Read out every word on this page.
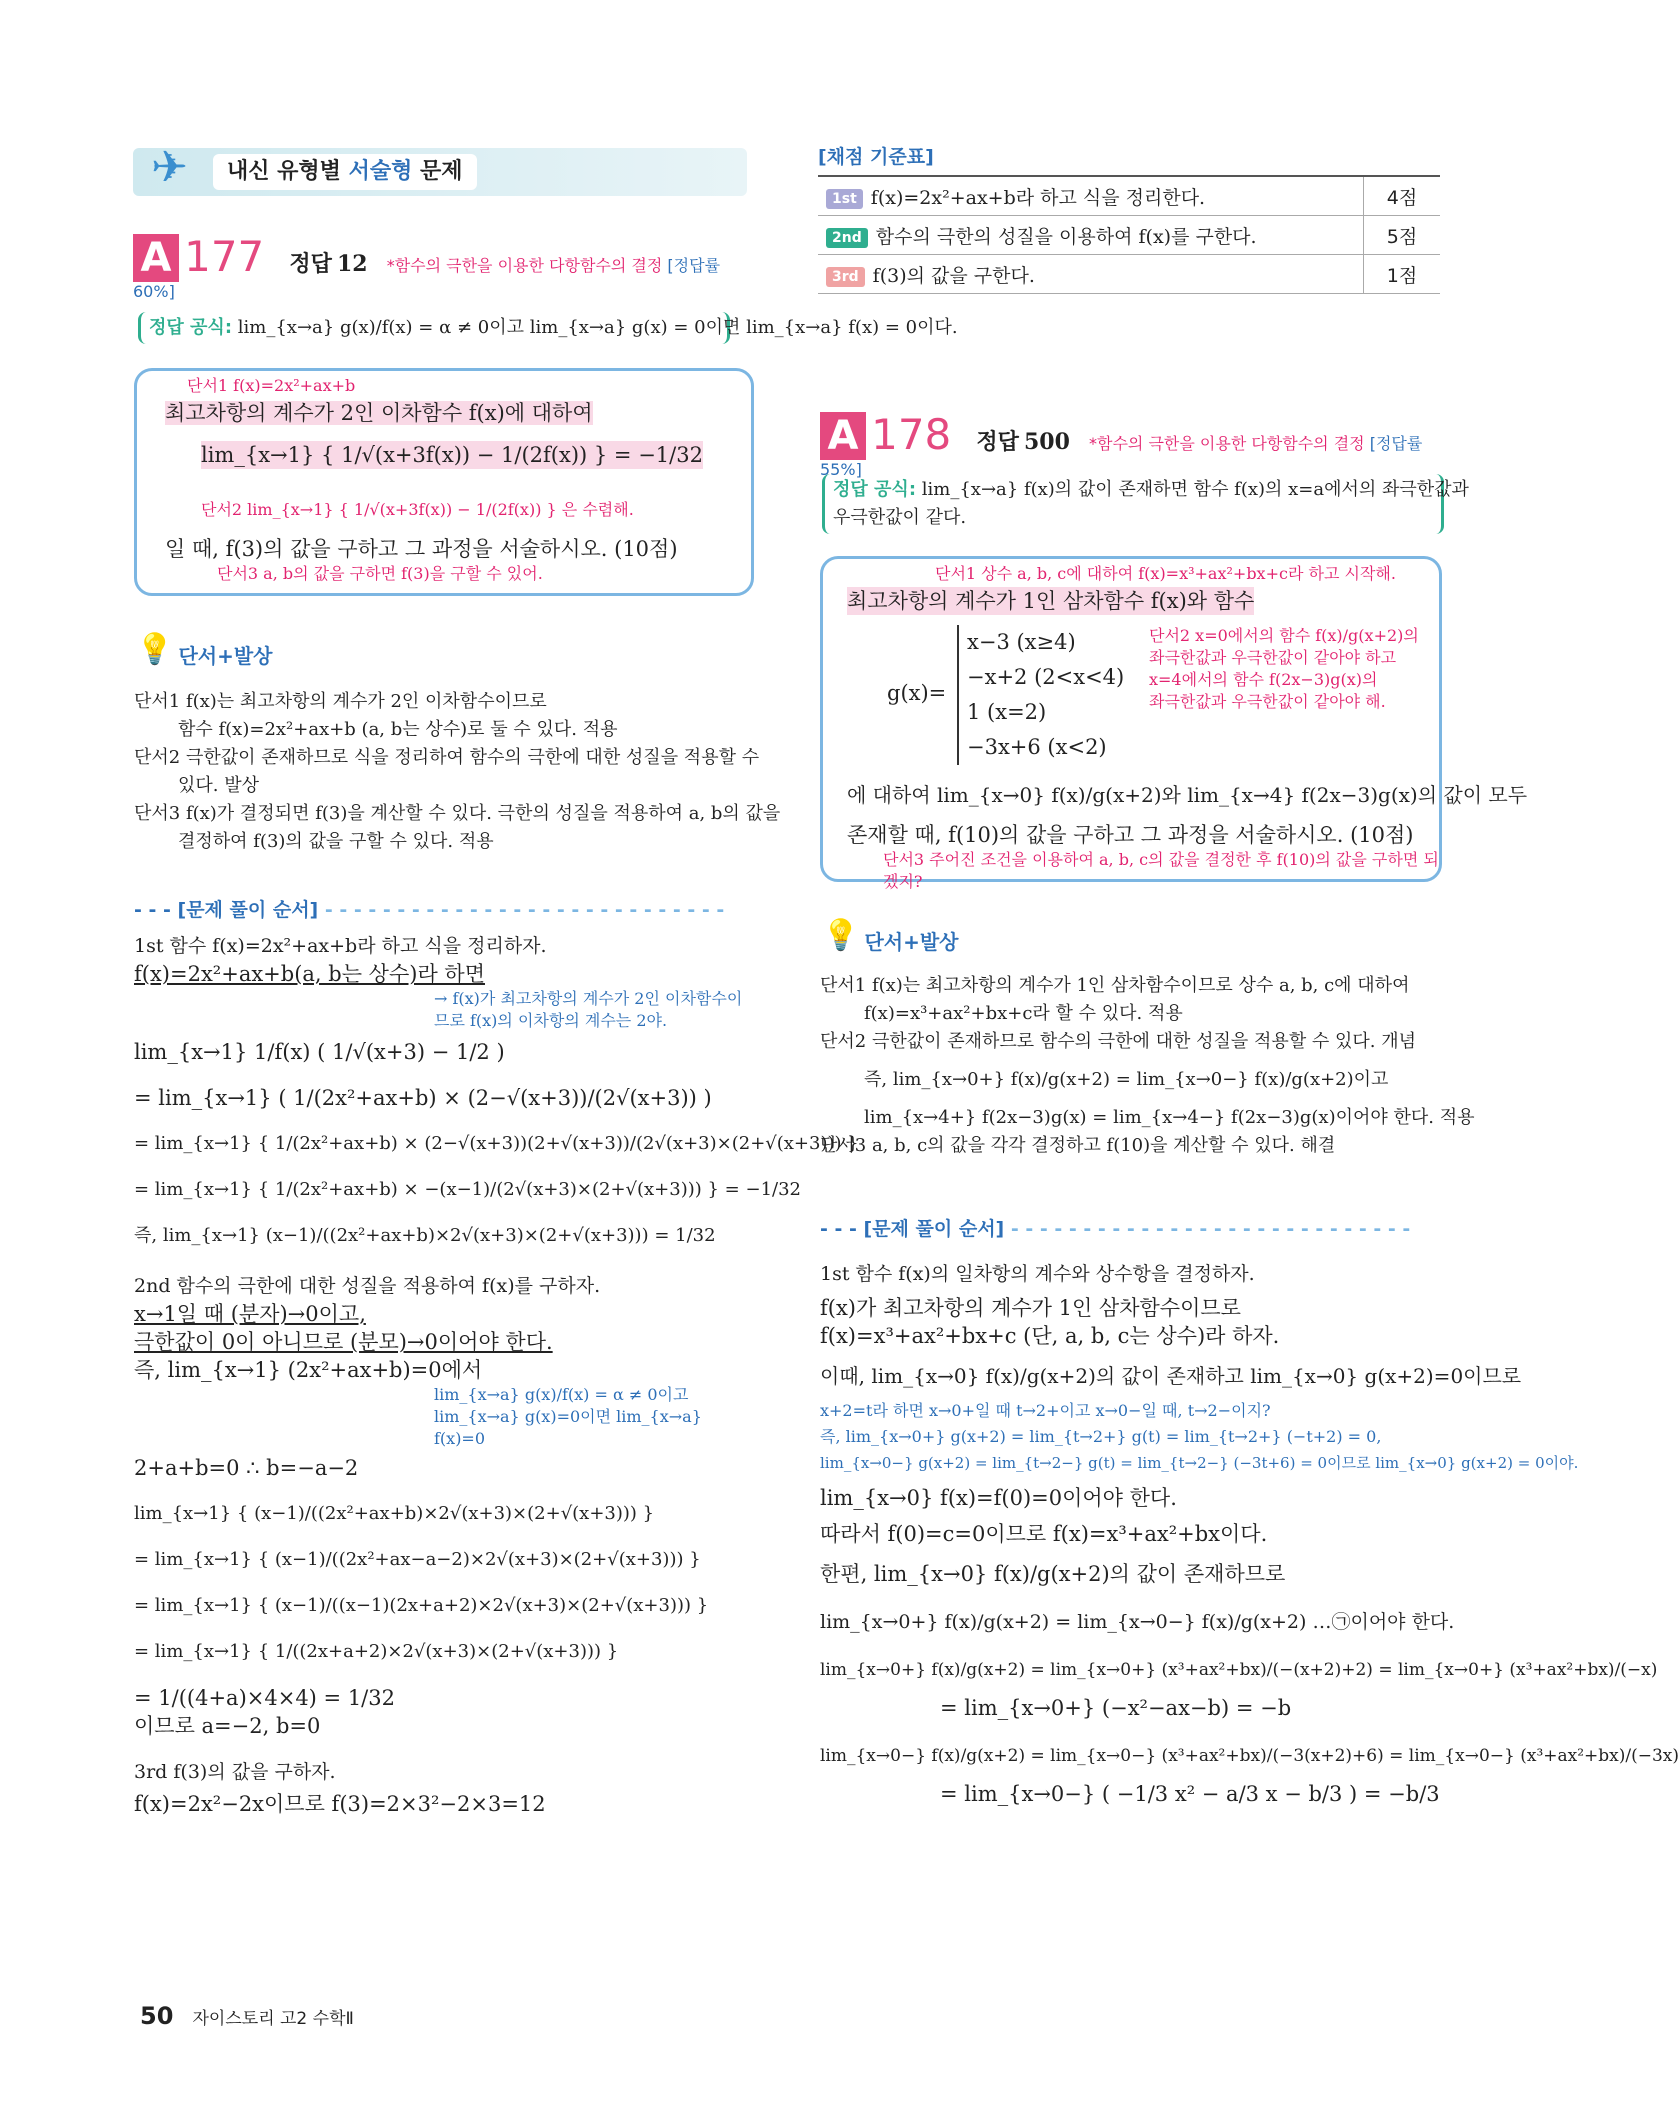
✈	내신 유형별 서술형 문제
A 177 정답 12 *함수의 극한을 이용한 다항함수의 결정 [정답률 60%]
정답 공식: lim_{x→a} g(x)/f(x) = α ≠ 0이고 lim_{x→a} g(x) = 0이면 lim_{x→a} f(x) = 0이다.
단서1 f(x)=2x²+ax+b
최고차항의 계수가 2인 이차함수 f(x)에 대하여
lim_{x→1} { 1/√(x+3f(x)) − 1/(2f(x)) } = −1/32
단서2 lim_{x→1} { 1/√(x+3f(x)) − 1/(2f(x)) } 은 수렴해.
일 때, f(3)의 값을 구하고 그 과정을 서술하시오. (10점)
단서3 a, b의 값을 구하면 f(3)을 구할 수 있어.
💡 단서+발상
단서1 f(x)는 최고차항의 계수가 2인 이차함수이므로
함수 f(x)=2x²+ax+b (a, b는 상수)로 둘 수 있다. 적용
단서2 극한값이 존재하므로 식을 정리하여 함수의 극한에 대한 성질을 적용할 수
있다. 발상
단서3 f(x)가 결정되면 f(3)을 계산할 수 있다. 극한의 성질을 적용하여 a, b의 값을
결정하여 f(3)의 값을 구할 수 있다. 적용
- - - [문제 풀이 순서] - - - - - - - - - - - - - - - - - - - - - - - - - - - -
1st 함수 f(x)=2x²+ax+b라 하고 식을 정리하자.
f(x)=2x²+ax+b(a, b는 상수)라 하면
→ f(x)가 최고차항의 계수가 2인 이차함수이므로 f(x)의 이차항의 계수는 2야.
lim_{x→1} 1/f(x) ( 1/√(x+3) − 1/2 )
= lim_{x→1} ( 1/(2x²+ax+b) × (2−√(x+3))/(2√(x+3)) )
= lim_{x→1} { 1/(2x²+ax+b) × (2−√(x+3))(2+√(x+3))/(2√(x+3)×(2+√(x+3))) }
= lim_{x→1} { 1/(2x²+ax+b) × −(x−1)/(2√(x+3)×(2+√(x+3))) } = −1/32
즉, lim_{x→1} (x−1)/((2x²+ax+b)×2√(x+3)×(2+√(x+3))) = 1/32
2nd 함수의 극한에 대한 성질을 적용하여 f(x)를 구하자.
x→1일 때 (분자)→0이고,
극한값이 0이 아니므로 (분모)→0이어야 한다.
즉, lim_{x→1} (2x²+ax+b)=0에서
lim_{x→a} g(x)/f(x) = α ≠ 0이고 lim_{x→a} g(x)=0이면 lim_{x→a} f(x)=0
2+a+b=0 ∴ b=−a−2
lim_{x→1} { (x−1)/((2x²+ax+b)×2√(x+3)×(2+√(x+3))) }
= lim_{x→1} { (x−1)/((2x²+ax−a−2)×2√(x+3)×(2+√(x+3))) }
= lim_{x→1} { (x−1)/((x−1)(2x+a+2)×2√(x+3)×(2+√(x+3))) }
= lim_{x→1} { 1/((2x+a+2)×2√(x+3)×(2+√(x+3))) }
= 1/((4+a)×4×4) = 1/32
이므로 a=−2, b=0
3rd f(3)의 값을 구하자.
f(x)=2x²−2x이므로 f(3)=2×3²−2×3=12
50 자이스토리 고2 수학Ⅱ
[채점 기준표]
1st f(x)=2x²+ax+b라 하고 식을 정리한다.	4점
2nd 함수의 극한의 성질을 이용하여 f(x)를 구한다.	5점
3rd f(3)의 값을 구한다.	1점
A 178 정답 500 *함수의 극한을 이용한 다항함수의 결정 [정답률 55%]
정답 공식: lim_{x→a} f(x)의 값이 존재하면 함수 f(x)의 x=a에서의 좌극한값과
우극한값이 같다.
단서1 상수 a, b, c에 대하여 f(x)=x³+ax²+bx+c라 하고 시작해.
최고차항의 계수가 1인 삼차함수 f(x)와 함수
g(x)=
x−3 (x≥4)
−x+2 (2<x<4)
1 (x=2)
−3x+6 (x<2)
단서2 x=0에서의 함수 f(x)/g(x+2)의
좌극한값과 우극한값이 같아야 하고
x=4에서의 함수 f(2x−3)g(x)의
좌극한값과 우극한값이 같아야 해.
에 대하여 lim_{x→0} f(x)/g(x+2)와 lim_{x→4} f(2x−3)g(x)의 값이 모두
존재할 때, f(10)의 값을 구하고 그 과정을 서술하시오. (10점)
단서3 주어진 조건을 이용하여 a, b, c의 값을 결정한 후 f(10)의 값을 구하면 되겠지?
💡 단서+발상
단서1 f(x)는 최고차항의 계수가 1인 삼차함수이므로 상수 a, b, c에 대하여
f(x)=x³+ax²+bx+c라 할 수 있다. 적용
단서2 극한값이 존재하므로 함수의 극한에 대한 성질을 적용할 수 있다. 개념
즉, lim_{x→0+} f(x)/g(x+2) = lim_{x→0−} f(x)/g(x+2)이고
lim_{x→4+} f(2x−3)g(x) = lim_{x→4−} f(2x−3)g(x)이어야 한다. 적용
단서3 a, b, c의 값을 각각 결정하고 f(10)을 계산할 수 있다. 해결
- - - [문제 풀이 순서] - - - - - - - - - - - - - - - - - - - - - - - - - - - -
1st 함수 f(x)의 일차항의 계수와 상수항을 결정하자.
f(x)가 최고차항의 계수가 1인 삼차함수이므로
f(x)=x³+ax²+bx+c (단, a, b, c는 상수)라 하자.
이때, lim_{x→0} f(x)/g(x+2)의 값이 존재하고 lim_{x→0} g(x+2)=0이므로
x+2=t라 하면 x→0+일 때 t→2+이고 x→0−일 때, t→2−이지?
즉, lim_{x→0+} g(x+2) = lim_{t→2+} g(t) = lim_{t→2+} (−t+2) = 0,
lim_{x→0−} g(x+2) = lim_{t→2−} g(t) = lim_{t→2−} (−3t+6) = 0이므로 lim_{x→0} g(x+2) = 0이야.
lim_{x→0} f(x)=f(0)=0이어야 한다.
따라서 f(0)=c=0이므로 f(x)=x³+ax²+bx이다.
한편, lim_{x→0} f(x)/g(x+2)의 값이 존재하므로
lim_{x→0+} f(x)/g(x+2) = lim_{x→0−} f(x)/g(x+2) …㉠이어야 한다.
lim_{x→0+} f(x)/g(x+2) = lim_{x→0+} (x³+ax²+bx)/(−(x+2)+2) = lim_{x→0+} (x³+ax²+bx)/(−x)
= lim_{x→0+} (−x²−ax−b) = −b
lim_{x→0−} f(x)/g(x+2) = lim_{x→0−} (x³+ax²+bx)/(−3(x+2)+6) = lim_{x→0−} (x³+ax²+bx)/(−3x)
= lim_{x→0−} ( −1/3 x² − a/3 x − b/3 ) = −b/3
